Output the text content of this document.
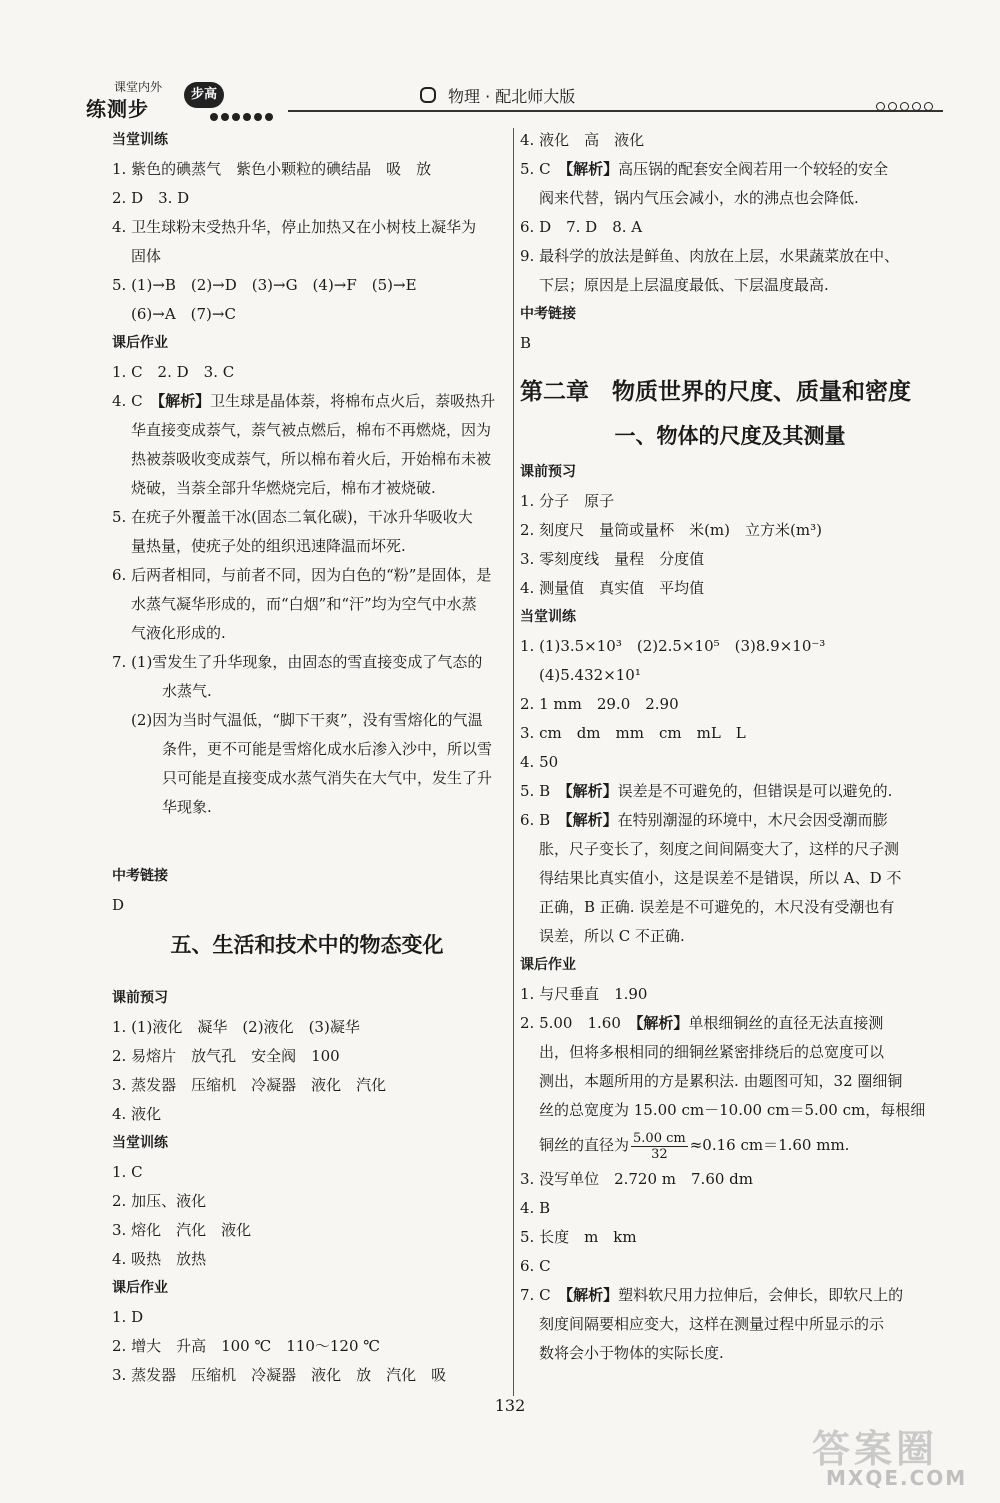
课堂内外
练测步
步高	物理 · 配北师大版
当堂训练
1. 紫色的碘蒸气　紫色小颗粒的碘结晶　吸　放
2. D　3. D
4. 卫生球粉末受热升华，停止加热又在小树枝上凝华为
固体
5. (1)→B　(2)→D　(3)→G　(4)→F　(5)→E
(6)→A　(7)→C
课后作业
1. C　2. D　3. C
4. C　【解析】卫生球是晶体萘，将棉布点火后，萘吸热升
华直接变成萘气，萘气被点燃后，棉布不再燃烧，因为
热被萘吸收变成萘气，所以棉布着火后，开始棉布未被
烧破，当萘全部升华燃烧完后，棉布才被烧破.
5. 在疣子外覆盖干冰(固态二氧化碳)，干冰升华吸收大
量热量，使疣子处的组织迅速降温而坏死.
6. 后两者相同，与前者不同，因为白色的“粉”是固体，是
水蒸气凝华形成的，而“白烟”和“汗”均为空气中水蒸
气液化形成的.
7. (1)雪发生了升华现象，由固态的雪直接变成了气态的
水蒸气.
(2)因为当时气温低，“脚下干爽”，没有雪熔化的气温
条件，更不可能是雪熔化成水后渗入沙中，所以雪
只可能是直接变成水蒸气消失在大气中，发生了升
华现象.
中考链接
D
五、生活和技术中的物态变化
课前预习
1. (1)液化　凝华　(2)液化　(3)凝华
2. 易熔片　放气孔　安全阀　100
3. 蒸发器　压缩机　冷凝器　液化　汽化
4. 液化
当堂训练
1. C
2. 加压、液化
3. 熔化　汽化　液化
4. 吸热　放热
课后作业
1. D
2. 增大　升高　100 ℃　110～120 ℃
3. 蒸发器　压缩机　冷凝器　液化　放　汽化　吸
4. 液化　高　液化
5. C　【解析】高压锅的配套安全阀若用一个较轻的安全
阀来代替，锅内气压会减小，水的沸点也会降低.
6. D　7. D　8. A
9. 最科学的放法是鲜鱼、肉放在上层，水果蔬菜放在中、
下层；原因是上层温度最低、下层温度最高.
中考链接
B
第二章　物质世界的尺度、质量和密度
一、物体的尺度及其测量
课前预习
1. 分子　原子
2. 刻度尺　量筒或量杯　米(m)　立方米(m³)
3. 零刻度线　量程　分度值
4. 测量值　真实值　平均值
当堂训练
1. (1)3.5×10³　(2)2.5×10⁵　(3)8.9×10⁻³
(4)5.432×10¹
2. 1 mm　29.0　2.90
3. cm　dm　mm　cm　mL　L
4. 50
5. B　【解析】误差是不可避免的，但错误是可以避免的.
6. B　【解析】在特别潮湿的环境中，木尺会因受潮而膨
胀，尺子变长了，刻度之间间隔变大了，这样的尺子测
得结果比真实值小，这是误差不是错误，所以 A、D 不
正确，B 正确. 误差是不可避免的，木尺没有受潮也有
误差，所以 C 不正确.
课后作业
1. 与尺垂直　1.90
2. 5.00　1.60　【解析】单根细铜丝的直径无法直接测
出，但将多根相同的细铜丝紧密排绕后的总宽度可以
测出，本题所用的方是累积法. 由题图可知，32 圈细铜
丝的总宽度为 15.00 cm－10.00 cm＝5.00 cm，每根细
铜丝的直径为 $\frac{5.00 cm}{32} \approx 0.16$ cm＝1.60 mm.
3. 没写单位　2.720 m　7.60 dm
4. B
5. 长度　m　km
6. C
7. C　【解析】塑料软尺用力拉伸后，会伸长，即软尺上的
刻度间隔要相应变大，这样在测量过程中所显示的示
数将会小于物体的实际长度.
132
答案圈
MXQE.COM
